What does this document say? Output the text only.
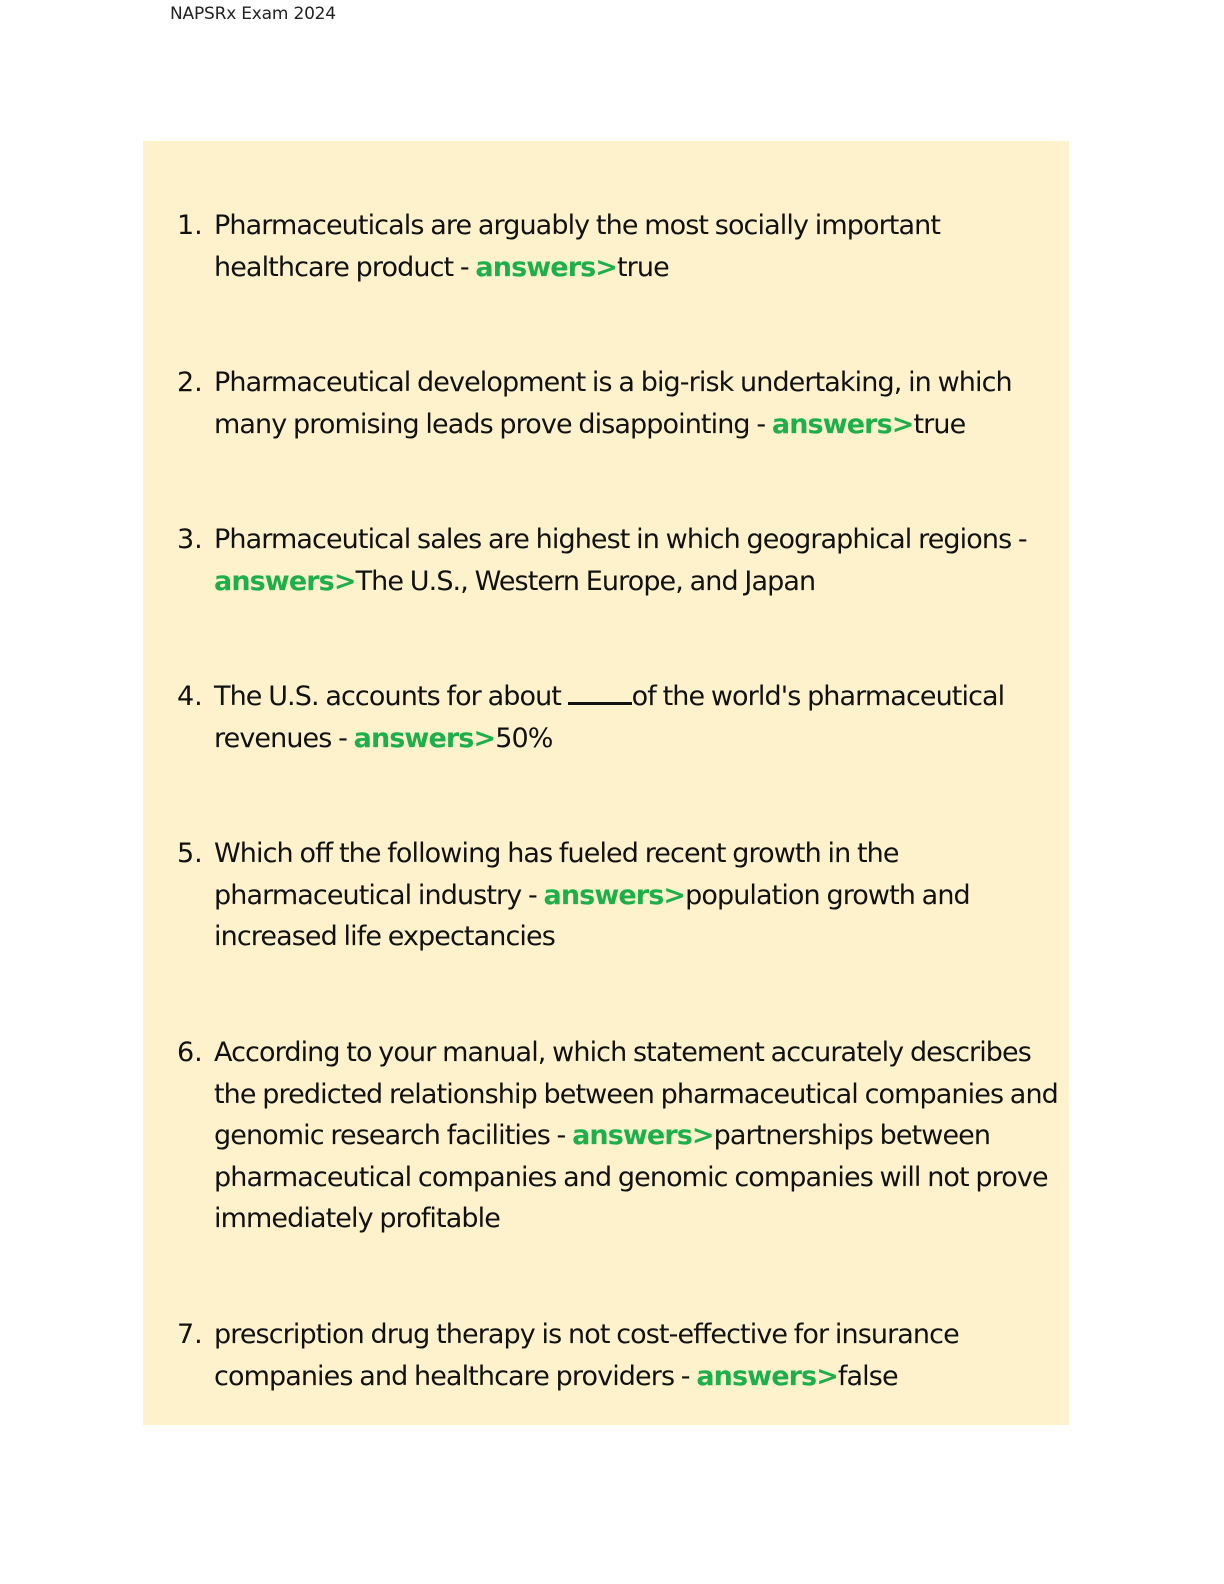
NAPSRx Exam 2024
1. Pharmaceuticals are arguably the most socially important healthcare product - answers>true
2. Pharmaceutical development is a big-risk undertaking, in which many promising leads prove disappointing - answers>true
3. Pharmaceutical sales are highest in which geographical regions - answers>The U.S., Western Europe, and Japan
4. The U.S. accounts for about of the world's pharmaceutical revenues - answers>50%
5. Which off the following has fueled recent growth in the pharmaceutical industry - answers>population growth and increased life expectancies
6. According to your manual, which statement accurately describes the predicted relationship between pharmaceutical companies and genomic research facilities - answers>partnerships between pharmaceutical companies and genomic companies will not prove immediately profitable
7. prescription drug therapy is not cost-effective for insurance companies and healthcare providers - answers>false
